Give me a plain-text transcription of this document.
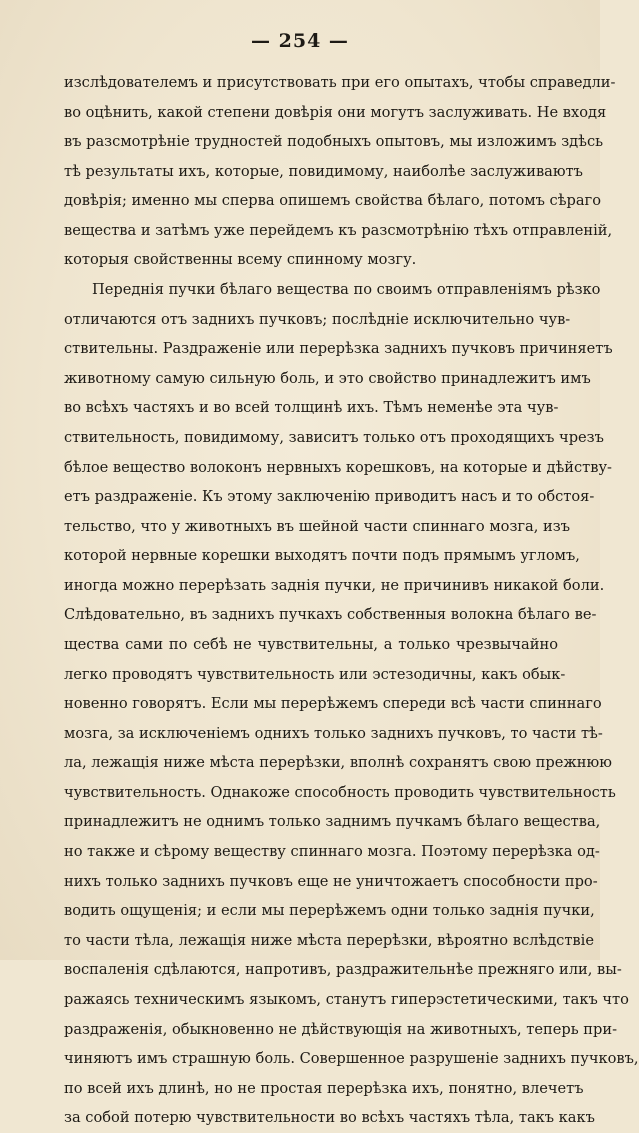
— 254 —
изслѣдователемъ и присутствовать при его опытахъ, чтобы справедли-
во оцѣнить, какой степени довѣрія они могутъ заслуживать. Не входя
въ разсмотрѣніе трудностей подобныхъ опытовъ, мы изложимъ здѣсь
тѣ результаты ихъ, которые, повидимому, наиболѣе заслуживаютъ
довѣрія; именно мы сперва опишемъ свойства бѣлаго, потомъ сѣраго
вещества и затѣмъ уже перейдемъ къ разсмотрѣнію тѣхъ отправленій,
которыя свойственны всему спинному мозгу.
Переднія пучки бѣлаго вещества по своимъ отправленіямъ рѣзко
отличаются отъ заднихъ пучковъ; послѣдніе исключительно чув-
ствительны. Раздраженіе или перерѣзка заднихъ пучковъ причиняетъ
животному самую сильную боль, и это свойство принадлежитъ имъ
во всѣхъ частяхъ и во всей толщинѣ ихъ. Тѣмъ неменѣе эта чув-
ствительность, повидимому, зависитъ только отъ проходящихъ чрезъ
бѣлое вещество волоконъ нервныхъ корешковъ, на которые и дѣйству-
етъ раздраженіе. Къ этому заключенію приводитъ насъ и то обстоя-
тельство, что у животныхъ въ шейной части спиннаго мозга, изъ
которой нервные корешки выходятъ почти подъ прямымъ угломъ,
иногда можно перерѣзать заднія пучки, не причинивъ никакой боли.
Слѣдовательно, въ заднихъ пучкахъ собственныя волокна бѣлаго ве-
щества сами по себѣ не чувствительны, а только чрезвычайно
легко проводятъ чувствительность или эстезодичны, какъ обык-
новенно говорятъ. Если мы перерѣжемъ спереди всѣ части спиннаго
мозга, за исключеніемъ однихъ только заднихъ пучковъ, то части тѣ-
ла, лежащія ниже мѣста перерѣзки, вполнѣ сохранятъ свою прежнюю
чувствительность. Однакоже способность проводить чувствительность
принадлежитъ не однимъ только заднимъ пучкамъ бѣлаго вещества,
но также и сѣрому веществу спиннаго мозга. Поэтому перерѣзка од-
нихъ только заднихъ пучковъ еще не уничтожаетъ способности про-
водить ощущенія; и если мы перерѣжемъ одни только заднія пучки,
то части тѣла, лежащія ниже мѣста перерѣзки, вѣроятно вслѣдствіе
воспаленія сдѣлаются, напротивъ, раздражительнѣе прежняго или, вы-
ражаясь техническимъ языкомъ, станутъ гиперэстетическими, такъ что
раздраженія, обыкновенно не дѣйствующія на животныхъ, теперь при-
чиняютъ имъ страшную боль. Совершенное разрушеніе заднихъ пучковъ,
по всей ихъ длинѣ, но не простая перерѣзка ихъ, понятно, влечетъ
за собой потерю чувствительности во всѣхъ частяхъ тѣла, такъ какъ
